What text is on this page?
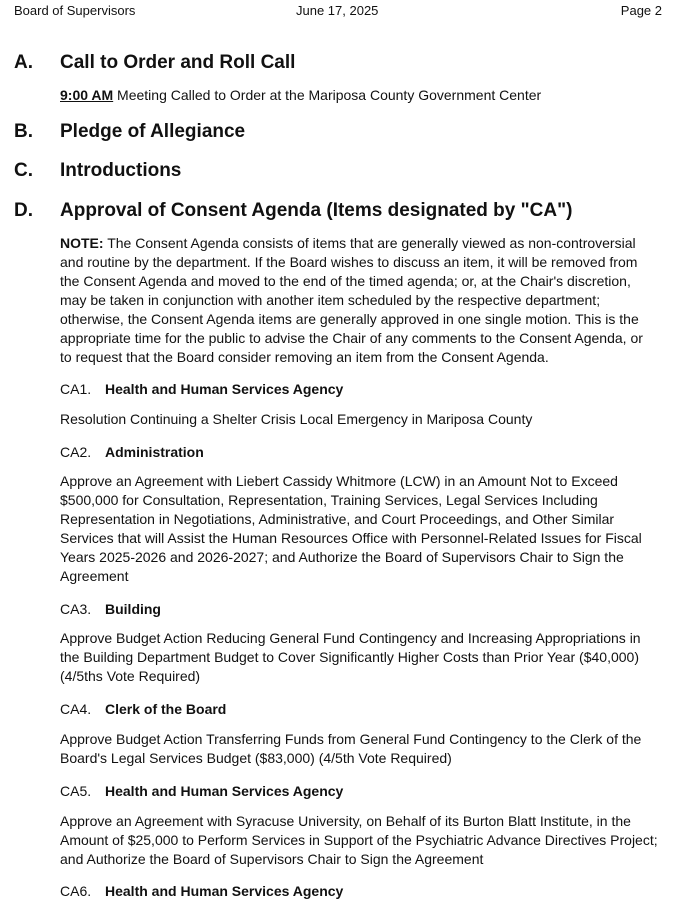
Board of Supervisors	June 17, 2025	Page 2
A.	Call to Order and Roll Call
9:00 AM Meeting Called to Order at the Mariposa County Government Center
B.	Pledge of Allegiance
C.	Introductions
D.	Approval of Consent Agenda (Items designated by "CA")
NOTE: The Consent Agenda consists of items that are generally viewed as non-controversial and routine by the department. If the Board wishes to discuss an item, it will be removed from the Consent Agenda and moved to the end of the timed agenda; or, at the Chair's discretion, may be taken in conjunction with another item scheduled by the respective department; otherwise, the Consent Agenda items are generally approved in one single motion. This is the appropriate time for the public to advise the Chair of any comments to the Consent Agenda, or to request that the Board consider removing an item from the Consent Agenda.
CA1. Health and Human Services Agency
Resolution Continuing a Shelter Crisis Local Emergency in Mariposa County
CA2. Administration
Approve an Agreement with Liebert Cassidy Whitmore (LCW) in an Amount Not to Exceed $500,000 for Consultation, Representation, Training Services, Legal Services Including Representation in Negotiations, Administrative, and Court Proceedings, and Other Similar Services that will Assist the Human Resources Office with Personnel-Related Issues for Fiscal Years 2025-2026 and 2026-2027; and Authorize the Board of Supervisors Chair to Sign the Agreement
CA3. Building
Approve Budget Action Reducing General Fund Contingency and Increasing Appropriations in the Building Department Budget to Cover Significantly Higher Costs than Prior Year ($40,000) (4/5ths Vote Required)
CA4. Clerk of the Board
Approve Budget Action Transferring Funds from General Fund Contingency to the Clerk of the Board's Legal Services Budget ($83,000) (4/5th Vote Required)
CA5. Health and Human Services Agency
Approve an Agreement with Syracuse University, on Behalf of its Burton Blatt Institute, in the Amount of $25,000 to Perform Services in Support of the Psychiatric Advance Directives Project; and Authorize the Board of Supervisors Chair to Sign the Agreement
CA6. Health and Human Services Agency
